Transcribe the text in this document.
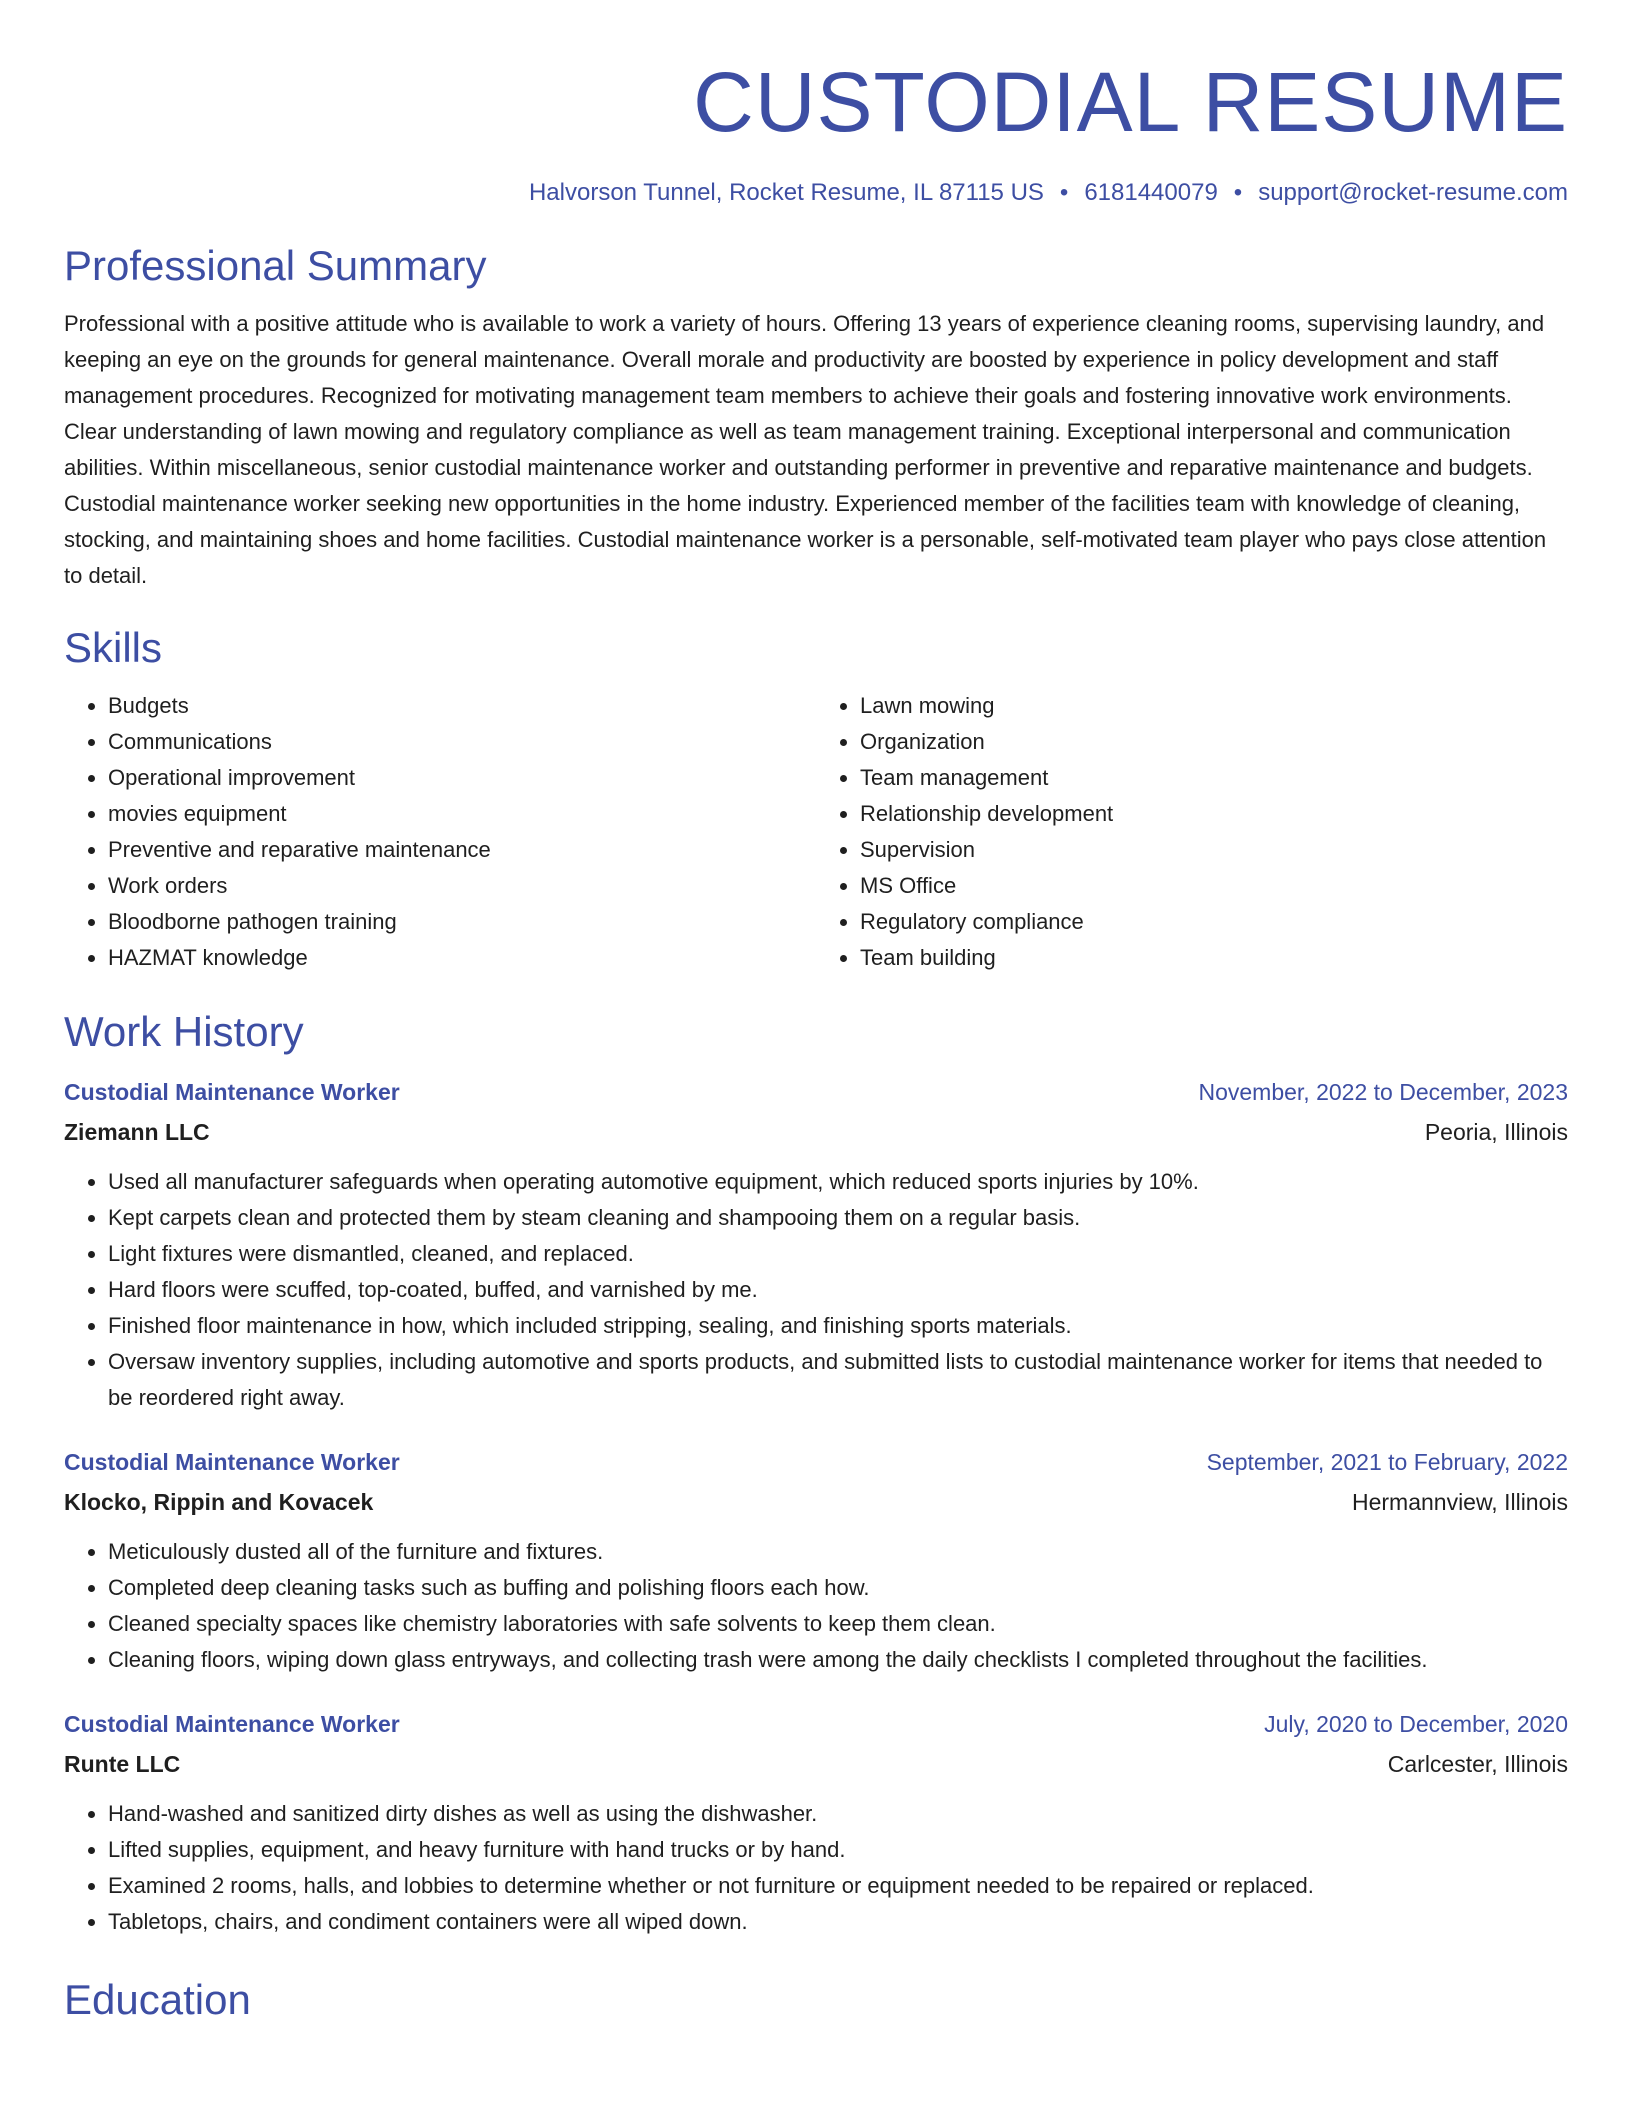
CUSTODIAL RESUME
Halvorson Tunnel, Rocket Resume, IL 87115 US • 6181440079 • support@rocket-resume.com
Professional Summary

Professional with a positive attitude who is available to work a variety of hours. Offering 13 years of experience cleaning rooms, supervising laundry, and keeping an eye on the grounds for general maintenance. Overall morale and productivity are boosted by experience in policy development and staff management procedures. Recognized for motivating management team members to achieve their goals and fostering innovative work environments. Clear understanding of lawn mowing and regulatory compliance as well as team management training. Exceptional interpersonal and communication abilities. Within miscellaneous, senior custodial maintenance worker and outstanding performer in preventive and reparative maintenance and budgets. Custodial maintenance worker seeking new opportunities in the home industry. Experienced member of the facilities team with knowledge of cleaning, stocking, and maintaining shoes and home facilities. Custodial maintenance worker is a personable, self-motivated team player who pays close attention to detail.

Skills
• Budgets
• Communications
• Operational improvement
• movies equipment
• Preventive and reparative maintenance
• Work orders
• Bloodborne pathogen training
• HAZMAT knowledge
• Lawn mowing
• Organization
• Team management
• Relationship development
• Supervision
• MS Office
• Regulatory compliance
• Team building
Work History
Custodial Maintenance Worker	November, 2022 to December, 2023
Ziemann LLC	Peoria, Illinois
• Used all manufacturer safeguards when operating automotive equipment, which reduced sports injuries by 10%.
• Kept carpets clean and protected them by steam cleaning and shampooing them on a regular basis.
• Light fixtures were dismantled, cleaned, and replaced.
• Hard floors were scuffed, top-coated, buffed, and varnished by me.
• Finished floor maintenance in how, which included stripping, sealing, and finishing sports materials.
• Oversaw inventory supplies, including automotive and sports products, and submitted lists to custodial maintenance worker for items that needed to be reordered right away.
Custodial Maintenance Worker	September, 2021 to February, 2022
Klocko, Rippin and Kovacek	Hermannview, Illinois
• Meticulously dusted all of the furniture and fixtures.
• Completed deep cleaning tasks such as buffing and polishing floors each how.
• Cleaned specialty spaces like chemistry laboratories with safe solvents to keep them clean.
• Cleaning floors, wiping down glass entryways, and collecting trash were among the daily checklists I completed throughout the facilities.
Custodial Maintenance Worker	July, 2020 to December, 2020
Runte LLC	Carlcester, Illinois
• Hand-washed and sanitized dirty dishes as well as using the dishwasher.
• Lifted supplies, equipment, and heavy furniture with hand trucks or by hand.
• Examined 2 rooms, halls, and lobbies to determine whether or not furniture or equipment needed to be repaired or replaced.
• Tabletops, chairs, and condiment containers were all wiped down.
Education
